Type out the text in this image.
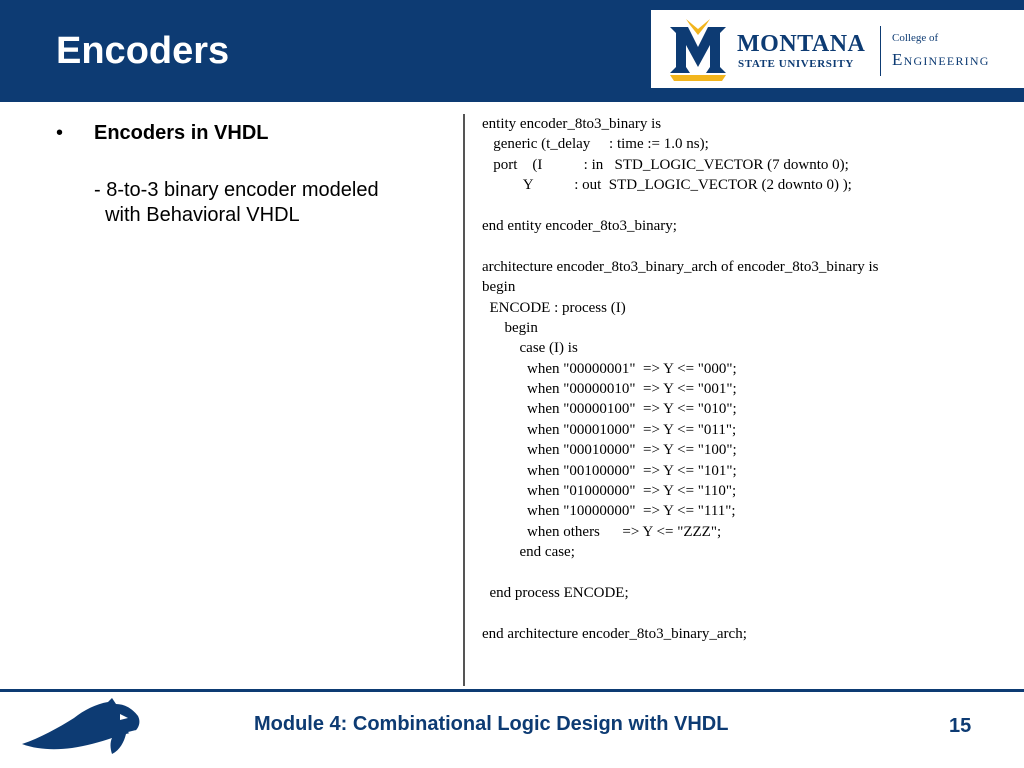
Encoders	MONTANA
STATE UNIVERSITY
College of
Engineering
• Encoders in VHDL
- 8-to-3 binary encoder modeled
with Behavioral VHDL
entity encoder_8to3_binary is
generic (t_delay     : time := 1.0 ns);
port    (I           : in   STD_LOGIC_VECTOR (7 downto 0);
Y           : out  STD_LOGIC_VECTOR (2 downto 0) );
end entity encoder_8to3_binary;
architecture encoder_8to3_binary_arch of encoder_8to3_binary is
begin
ENCODE : process (I)
begin
case (I) is
when "00000001"  => Y <= "000";
when "00000010"  => Y <= "001";
when "00000100"  => Y <= "010";
when "00001000"  => Y <= "011";
when "00010000"  => Y <= "100";
when "00100000"  => Y <= "101";
when "01000000"  => Y <= "110";
when "10000000"  => Y <= "111";
when others      => Y <= "ZZZ";
end case;
end process ENCODE;
end architecture encoder_8to3_binary_arch;
Module 4: Combinational Logic Design with VHDL	15
